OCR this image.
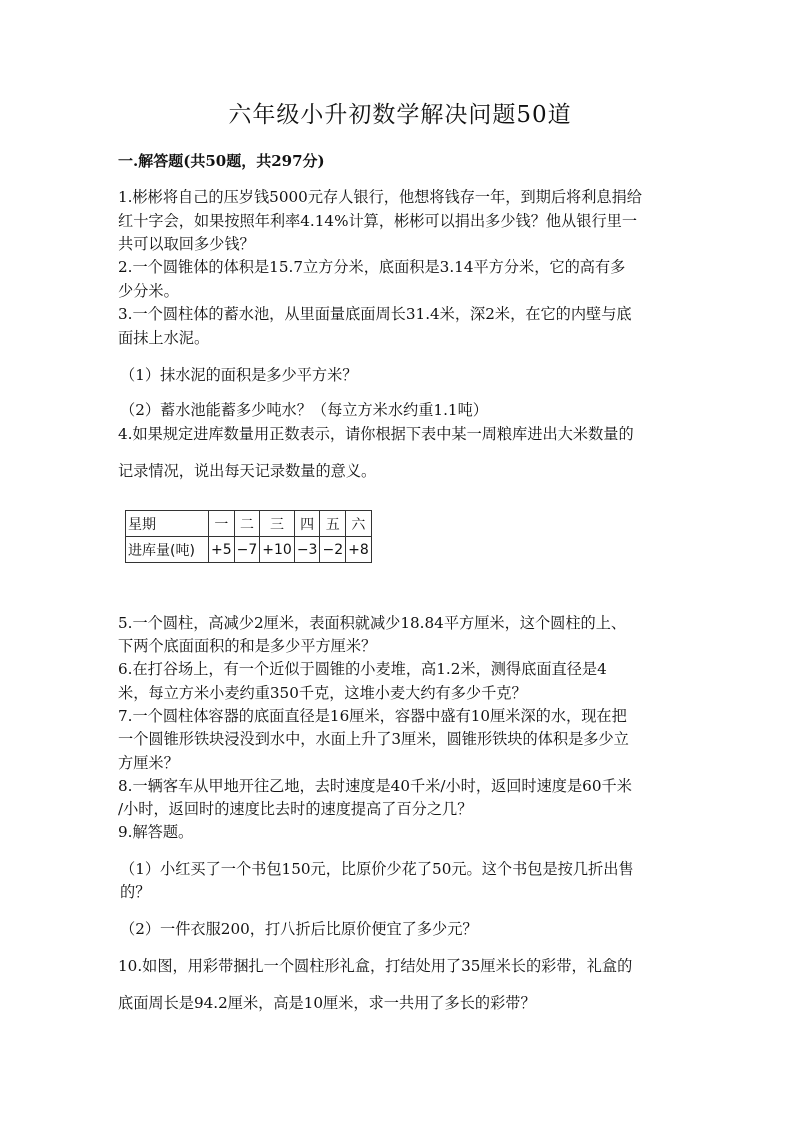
六年级小升初数学解决问题50道
一.解答题(共50题，共297分)
1.彬彬将自己的压岁钱5000元存人银行，他想将钱存一年，到期后将利息捐给
红十字会，如果按照年利率4.14%计算，彬彬可以捐出多少钱？他从银行里一
共可以取回多少钱？
2.一个圆锥体的体积是15.7立方分米，底面积是3.14平方分米，它的高有多
少分米。
3.一个圆柱体的蓄水池，从里面量底面周长31.4米，深2米，在它的内壁与底
面抹上水泥。
（1）抹水泥的面积是多少平方米？
（2）蓄水池能蓄多少吨水？（每立方米水约重1.1吨）
4.如果规定进库数量用正数表示，请你根据下表中某一周粮库进出大米数量的
记录情况，说出每天记录数量的意义。
星期	一	二	三	四	五	六
进库量(吨)	+5	−7	+10	−3	−2	+8
5.一个圆柱，高减少2厘米，表面积就减少18.84平方厘米，这个圆柱的上、
下两个底面面积的和是多少平方厘米？
6.在打谷场上，有一个近似于圆锥的小麦堆，高1.2米，测得底面直径是4
米，每立方米小麦约重350千克，这堆小麦大约有多少千克？
7.一个圆柱体容器的底面直径是16厘米，容器中盛有10厘米深的水，现在把
一个圆锥形铁块浸没到水中，水面上升了3厘米，圆锥形铁块的体积是多少立
方厘米？
8.一辆客车从甲地开往乙地，去时速度是40千米/小时，返回时速度是60千米
/小时，返回时的速度比去时的速度提高了百分之几？
9.解答题。
（1）小红买了一个书包150元，比原价少花了50元。这个书包是按几折出售
的？
（2）一件衣服200，打八折后比原价便宜了多少元？
10.如图，用彩带捆扎一个圆柱形礼盒，打结处用了35厘米长的彩带，礼盒的
底面周长是94.2厘米，高是10厘米，求一共用了多长的彩带？
